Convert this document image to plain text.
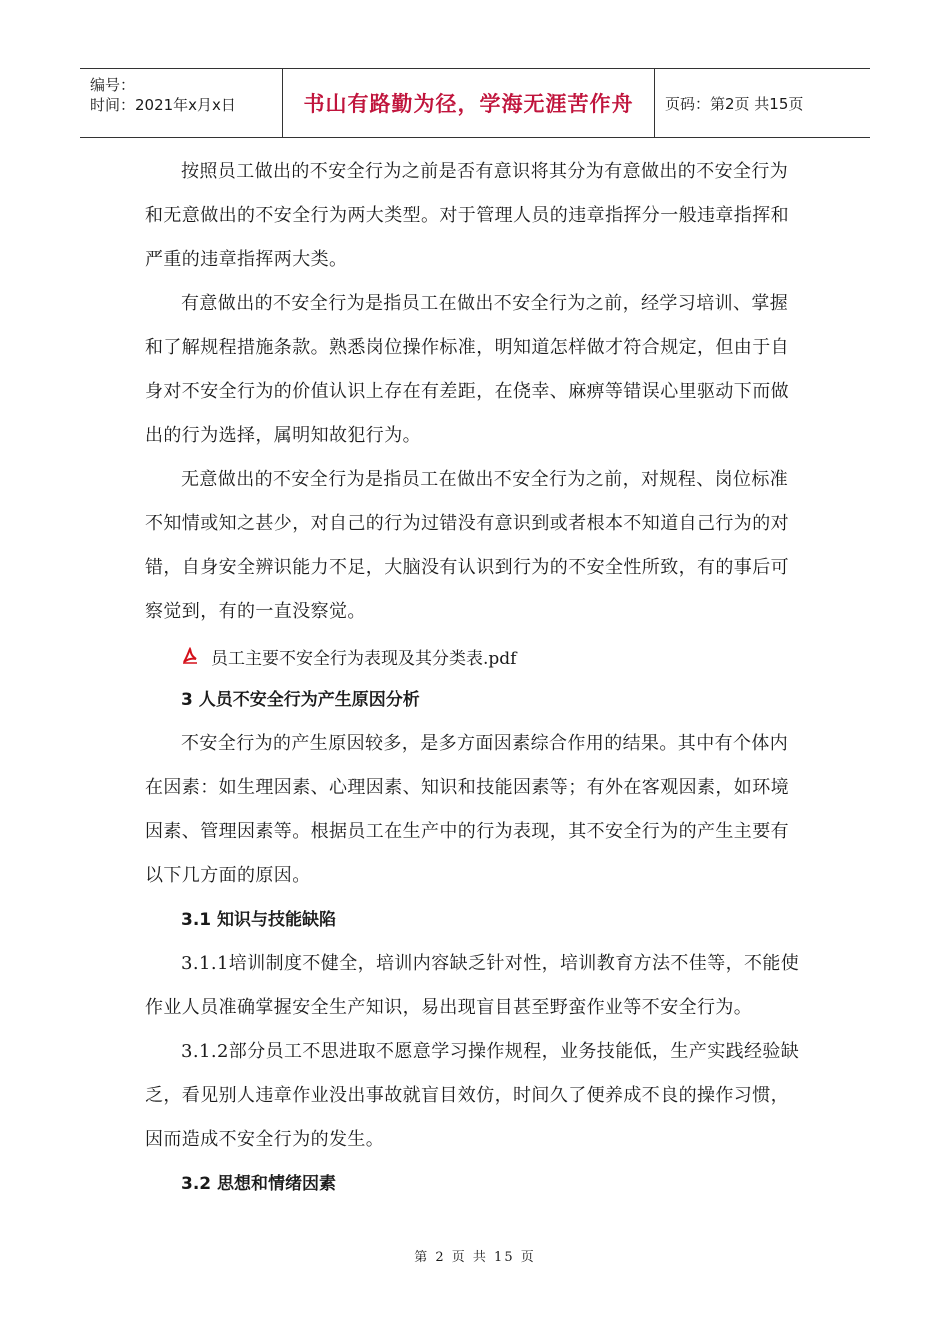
编号：
时间：2021年x月x日	书山有路勤为径，学海无涯苦作舟 页码：第2页 共15页

按照员工做出的不安全行为之前是否有意识将其分为有意做出的不安全行为和无意做出的不安全行为两大类型。对于管理人员的违章指挥分一般违章指挥和严重的违章指挥两大类。

有意做出的不安全行为是指员工在做出不安全行为之前，经学习培训、掌握和了解规程措施条款。熟悉岗位操作标准，明知道怎样做才符合规定，但由于自身对不安全行为的价值认识上存在有差距，在侥幸、麻痹等错误心里驱动下而做出的行为选择，属明知故犯行为。

无意做出的不安全行为是指员工在做出不安全行为之前，对规程、岗位标准不知情或知之甚少，对自己的行为过错没有意识到或者根本不知道自己行为的对错，自身安全辨识能力不足，大脑没有认识到行为的不安全性所致，有的事后可察觉到，有的一直没察觉。

员工主要不安全行为表现及其分类表.pdf

3 人员不安全行为产生原因分析

不安全行为的产生原因较多，是多方面因素综合作用的结果。其中有个体内在因素：如生理因素、心理因素、知识和技能因素等；有外在客观因素，如环境因素、管理因素等。根据员工在生产中的行为表现，其不安全行为的产生主要有以下几方面的原因。

3.1 知识与技能缺陷

3.1.1培训制度不健全，培训内容缺乏针对性，培训教育方法不佳等，不能使作业人员准确掌握安全生产知识，易出现盲目甚至野蛮作业等不安全行为。

3.1.2部分员工不思进取不愿意学习操作规程，业务技能低，生产实践经验缺乏，看见别人违章作业没出事故就盲目效仿，时间久了便养成不良的操作习惯，因而造成不安全行为的发生。

3.2 思想和情绪因素

第 2 页 共 15 页
